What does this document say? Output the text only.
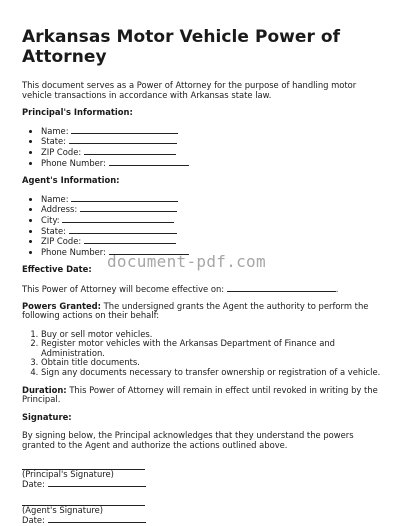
Arkansas Motor Vehicle Power of Attorney

This document serves as a Power of Attorney for the purpose of handling motor vehicle transactions in accordance with Arkansas state law.

Principal's Information:

• Name:
• State:
• ZIP Code:
• Phone Number:

Agent's Information:

• Name:
• Address:
• City:
• State:
• ZIP Code:
• Phone Number:

Effective Date:

This Power of Attorney will become effective on:	.

Powers Granted: The undersigned grants the Agent the authority to perform the following actions on their behalf:

1. Buy or sell motor vehicles.
2. Register motor vehicles with the Arkansas Department of Finance and Administration.
3. Obtain title documents.
4. Sign any documents necessary to transfer ownership or registration of a vehicle.

Duration: This Power of Attorney will remain in effect until revoked in writing by the Principal.

Signature:

By signing below, the Principal acknowledges that they understand the powers granted to the Agent and authorize the actions outlined above.

(Principal's Signature)

Date:

(Agent's Signature)

Date:

document-pdf.com
